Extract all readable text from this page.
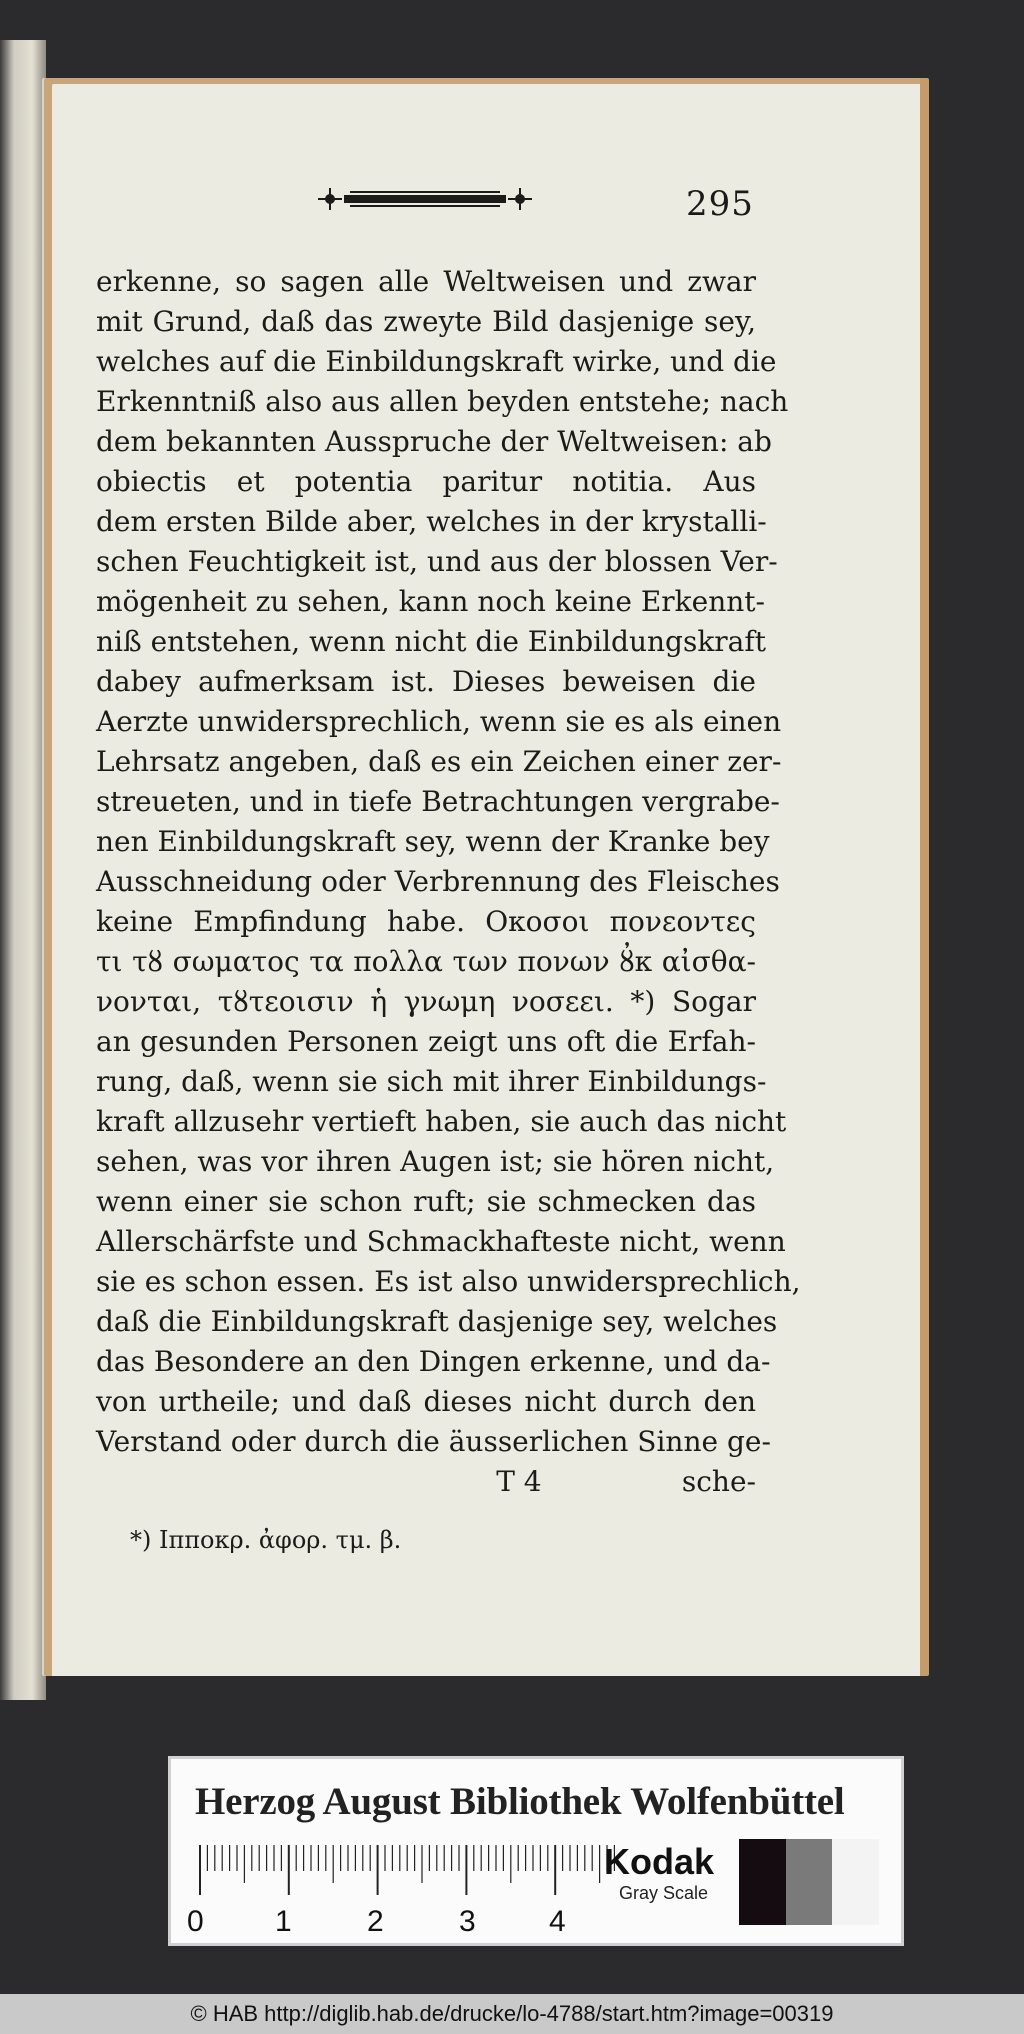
295
erkenne, so sagen alle Weltweisen und zwar
mit Grund, daß das zweyte Bild dasjenige sey,
welches auf die Einbildungskraft wirke, und die
Erkenntniß also aus allen beyden entstehe; nach
dem bekannten Ausspruche der Weltweisen: ab
obiectis et potentia paritur notitia. Aus
dem ersten Bilde aber, welches in der krystalli-
schen Feuchtigkeit ist, und aus der blossen Ver-
mögenheit zu sehen, kann noch keine Erkennt-
niß entstehen, wenn nicht die Einbildungskraft
dabey aufmerksam ist. Dieses beweisen die
Aerzte unwidersprechlich, wenn sie es als einen
Lehrsatz angeben, daß es ein Zeichen einer zer-
streueten, und in tiefe Betrachtungen vergrabe-
nen Einbildungskraft sey, wenn der Kranke bey
Ausschneidung oder Verbrennung des Fleisches
keine Empfindung habe. Οκοσοι πονεοντες
τι τȣ σωματος τα πολλα των πονων ȣ̓κ αἰσθα-
νονται, τȣτεοισιν ἡ γνωμη νοσεει. *) Sogar
an gesunden Personen zeigt uns oft die Erfah-
rung, daß, wenn sie sich mit ihrer Einbildungs-
kraft allzusehr vertieft haben, sie auch das nicht
sehen, was vor ihren Augen ist; sie hören nicht,
wenn einer sie schon ruft; sie schmecken das
Allerschärfste und Schmackhafteste nicht, wenn
sie es schon essen. Es ist also unwidersprechlich,
daß die Einbildungskraft dasjenige sey, welches
das Besondere an den Dingen erkenne, und da-
von urtheile; und daß dieses nicht durch den
Verstand oder durch die äusserlichen Sinne ge-
T 4	sche-
*) Ιπποκρ. ἀφορ. τμ. β.
Herzog August Bibliothek Wolfenbüttel
0 1	2	3 4
Kodak
Gray Scale
© HAB http://diglib.hab.de/drucke/lo-4788/start.htm?image=00319
